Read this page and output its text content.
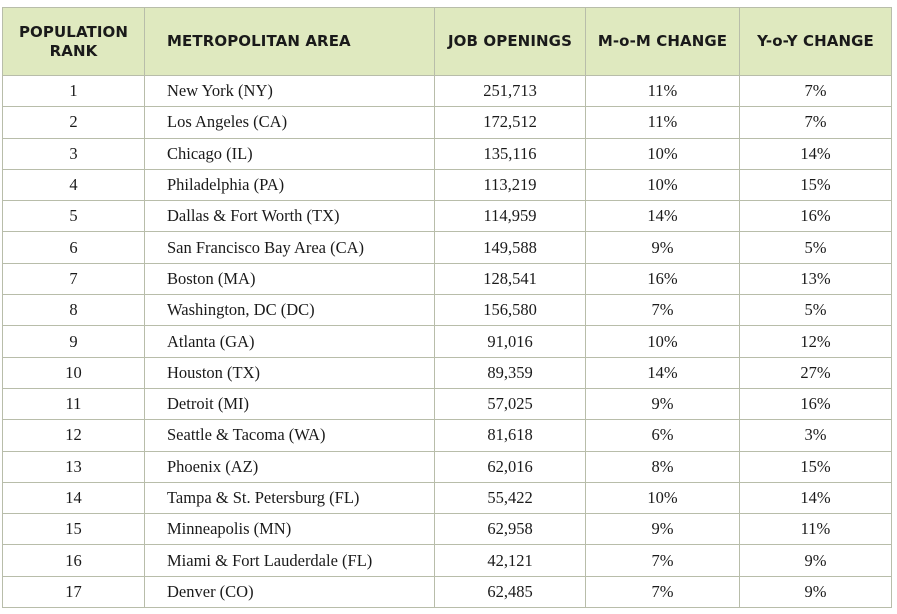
POPULATION
RANK	METROPOLITAN AREA	JOB OPENINGS	M-o-M CHANGE	Y-o-Y CHANGE

1	New York (NY)	251,713	11%	7%
2	Los Angeles (CA)	172,512	11%	7%
3	Chicago (IL)	135,116	10%	14%
4	Philadelphia (PA)	113,219	10%	15%
5	Dallas & Fort Worth (TX)	114,959	14%	16%
6	San Francisco Bay Area (CA)	149,588	9%	5%
7	Boston (MA)	128,541	16%	13%
8	Washington, DC (DC)	156,580	7%	5%
9	Atlanta (GA)	91,016	10%	12%
10	Houston (TX)	89,359	14%	27%
11	Detroit (MI)	57,025	9%	16%
12	Seattle & Tacoma (WA)	81,618	6%	3%
13	Phoenix (AZ)	62,016	8%	15%
14	Tampa & St. Petersburg (FL)	55,422	10%	14%
15	Minneapolis (MN)	62,958	9%	11%
16	Miami & Fort Lauderdale (FL)	42,121	7%	9%
17	Denver (CO)	62,485	7%	9%
